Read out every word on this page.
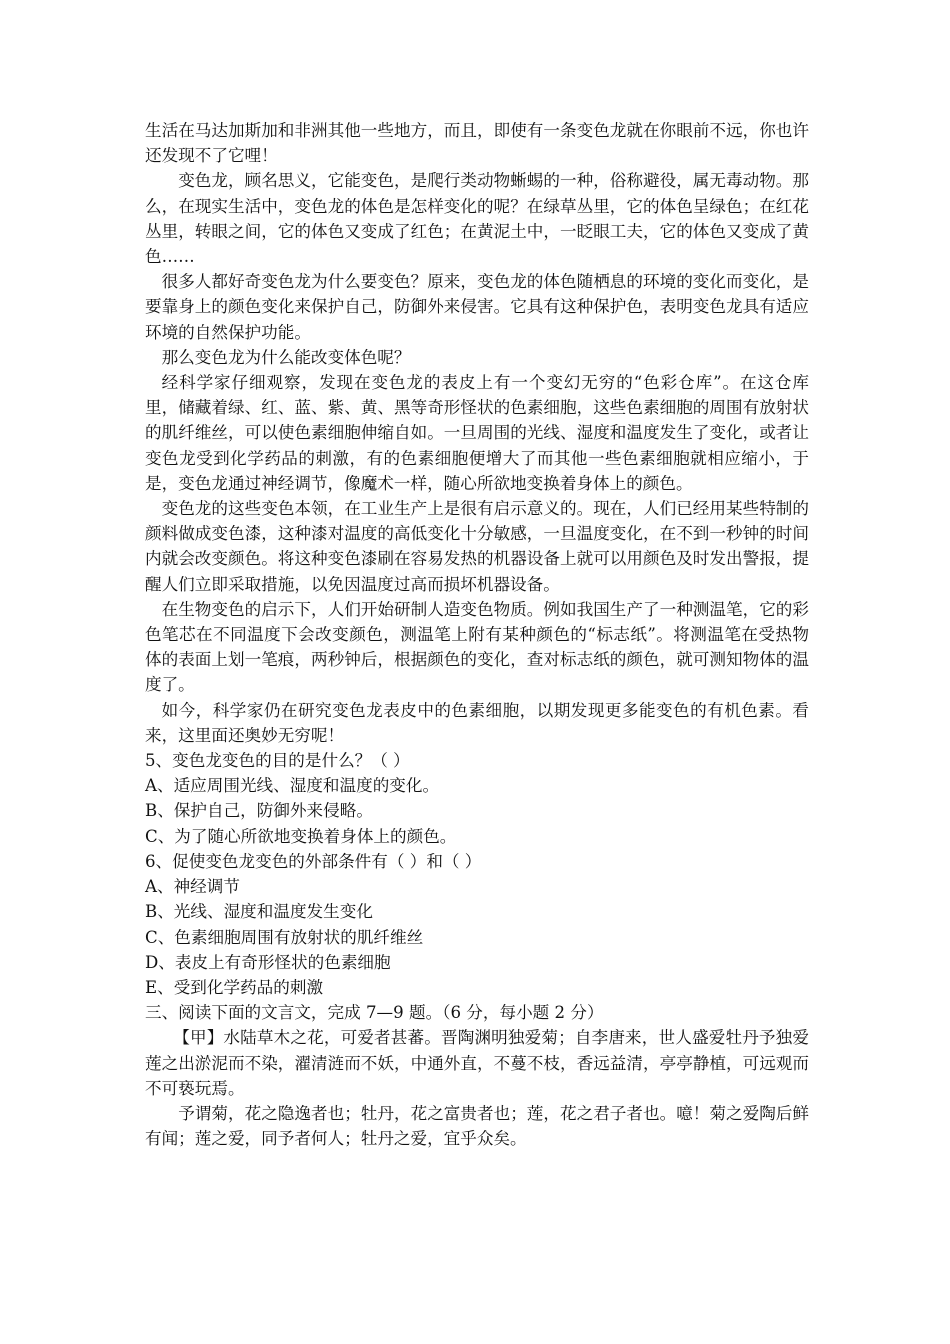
生活在马达加斯加和非洲其他一些地方，而且，即使有一条变色龙就在你眼前不远，你也许还发现不了它哩！

变色龙，顾名思义，它能变色，是爬行类动物蜥蜴的一种，俗称避役，属无毒动物。那么，在现实生活中，变色龙的体色是怎样变化的呢？在绿草丛里，它的体色呈绿色；在红花丛里，转眼之间，它的体色又变成了红色；在黄泥土中，一眨眼工夫，它的体色又变成了黄色……

很多人都好奇变色龙为什么要变色？原来，变色龙的体色随栖息的环境的变化而变化，是要靠身上的颜色变化来保护自己，防御外来侵害。它具有这种保护色，表明变色龙具有适应环境的自然保护功能。

那么变色龙为什么能改变体色呢？

经科学家仔细观察，发现在变色龙的表皮上有一个变幻无穷的“色彩仓库”。在这仓库里，储藏着绿、红、蓝、紫、黄、黑等奇形怪状的色素细胞，这些色素细胞的周围有放射状的肌纤维丝，可以使色素细胞伸缩自如。一旦周围的光线、湿度和温度发生了变化，或者让变色龙受到化学药品的刺激，有的色素细胞便增大了而其他一些色素细胞就相应缩小，于是，变色龙通过神经调节，像魔术一样，随心所欲地变换着身体上的颜色。

变色龙的这些变色本领，在工业生产上是很有启示意义的。现在，人们已经用某些特制的颜料做成变色漆，这种漆对温度的高低变化十分敏感，一旦温度变化，在不到一秒钟的时间内就会改变颜色。将这种变色漆刷在容易发热的机器设备上就可以用颜色及时发出警报，提醒人们立即采取措施，以免因温度过高而损坏机器设备。

在生物变色的启示下，人们开始研制人造变色物质。例如我国生产了一种测温笔，它的彩色笔芯在不同温度下会改变颜色，测温笔上附有某种颜色的“标志纸”。将测温笔在受热物体的表面上划一笔痕，两秒钟后，根据颜色的变化，查对标志纸的颜色，就可测知物体的温度了。

如今，科学家仍在研究变色龙表皮中的色素细胞，以期发现更多能变色的有机色素。看来，这里面还奥妙无穷呢！

5、变色龙变色的目的是什么？（ ）

A、适应周围光线、湿度和温度的变化。

B、保护自己，防御外来侵略。

C、为了随心所欲地变换着身体上的颜色。

6、促使变色龙变色的外部条件有（ ）和（ ）

A、神经调节

B、光线、湿度和温度发生变化

C、色素细胞周围有放射状的肌纤维丝

D、表皮上有奇形怪状的色素细胞

E、受到化学药品的刺激

三、阅读下面的文言文，完成 7—9 题。（6 分，每小题 2 分）

【甲】水陆草木之花，可爱者甚蕃。晋陶渊明独爱菊；自李唐来，世人盛爱牡丹予独爱莲之出淤泥而不染，濯清涟而不妖，中通外直，不蔓不枝，香远益清，亭亭静植，可远观而不可亵玩焉。

予谓菊，花之隐逸者也；牡丹，花之富贵者也；莲，花之君子者也。噫！菊之爱陶后鲜有闻；莲之爱，同予者何人；牡丹之爱，宜乎众矣。
